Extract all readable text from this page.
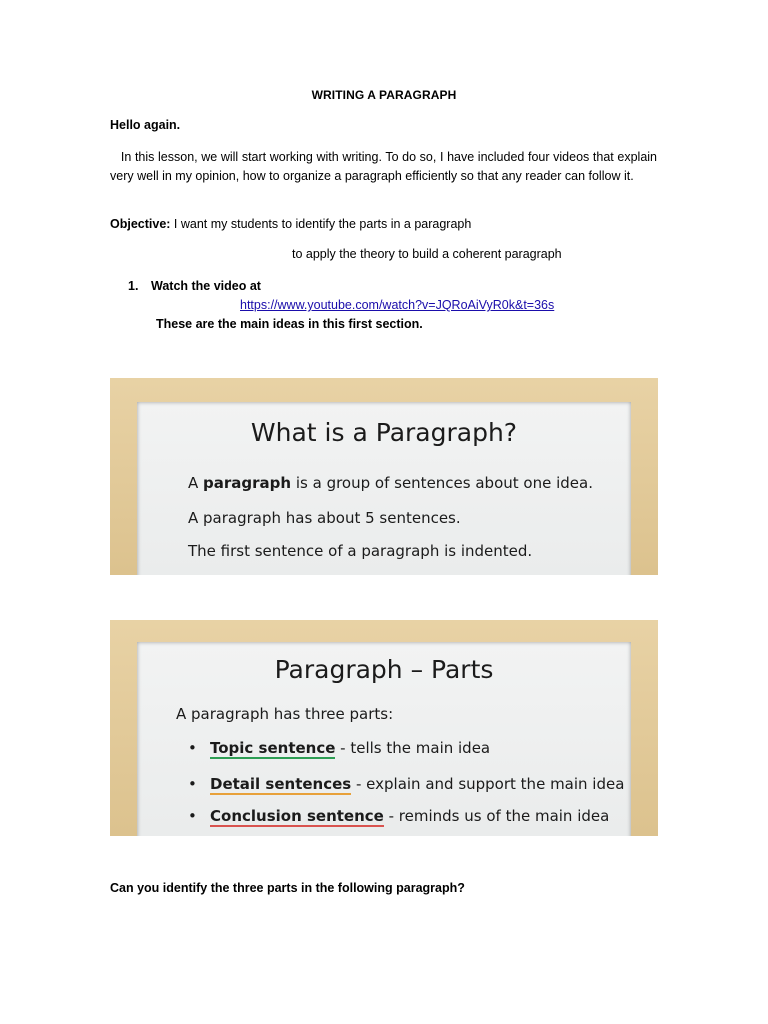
WRITING A PARAGRAPH
Hello again.
In this lesson, we will start working with writing. To do so, I have included four videos that explain very well in my opinion, how to organize a paragraph efficiently so that any reader can follow it.
Objective: I want my students to identify the parts in a paragraph
to apply the theory to build a coherent paragraph
1. Watch the video at
https://www.youtube.com/watch?v=JQRoAiVyR0k&t=36s
These are the main ideas in this first section.
What is a Paragraph?
A paragraph is a group of sentences about one idea.
A paragraph has about 5 sentences.
The first sentence of a paragraph is indented.
Paragraph – Parts
A paragraph has three parts:
• Topic sentence - tells the main idea
• Detail sentences - explain and support the main idea
• Conclusion sentence - reminds us of the main idea
Can you identify the three parts in the following paragraph?
